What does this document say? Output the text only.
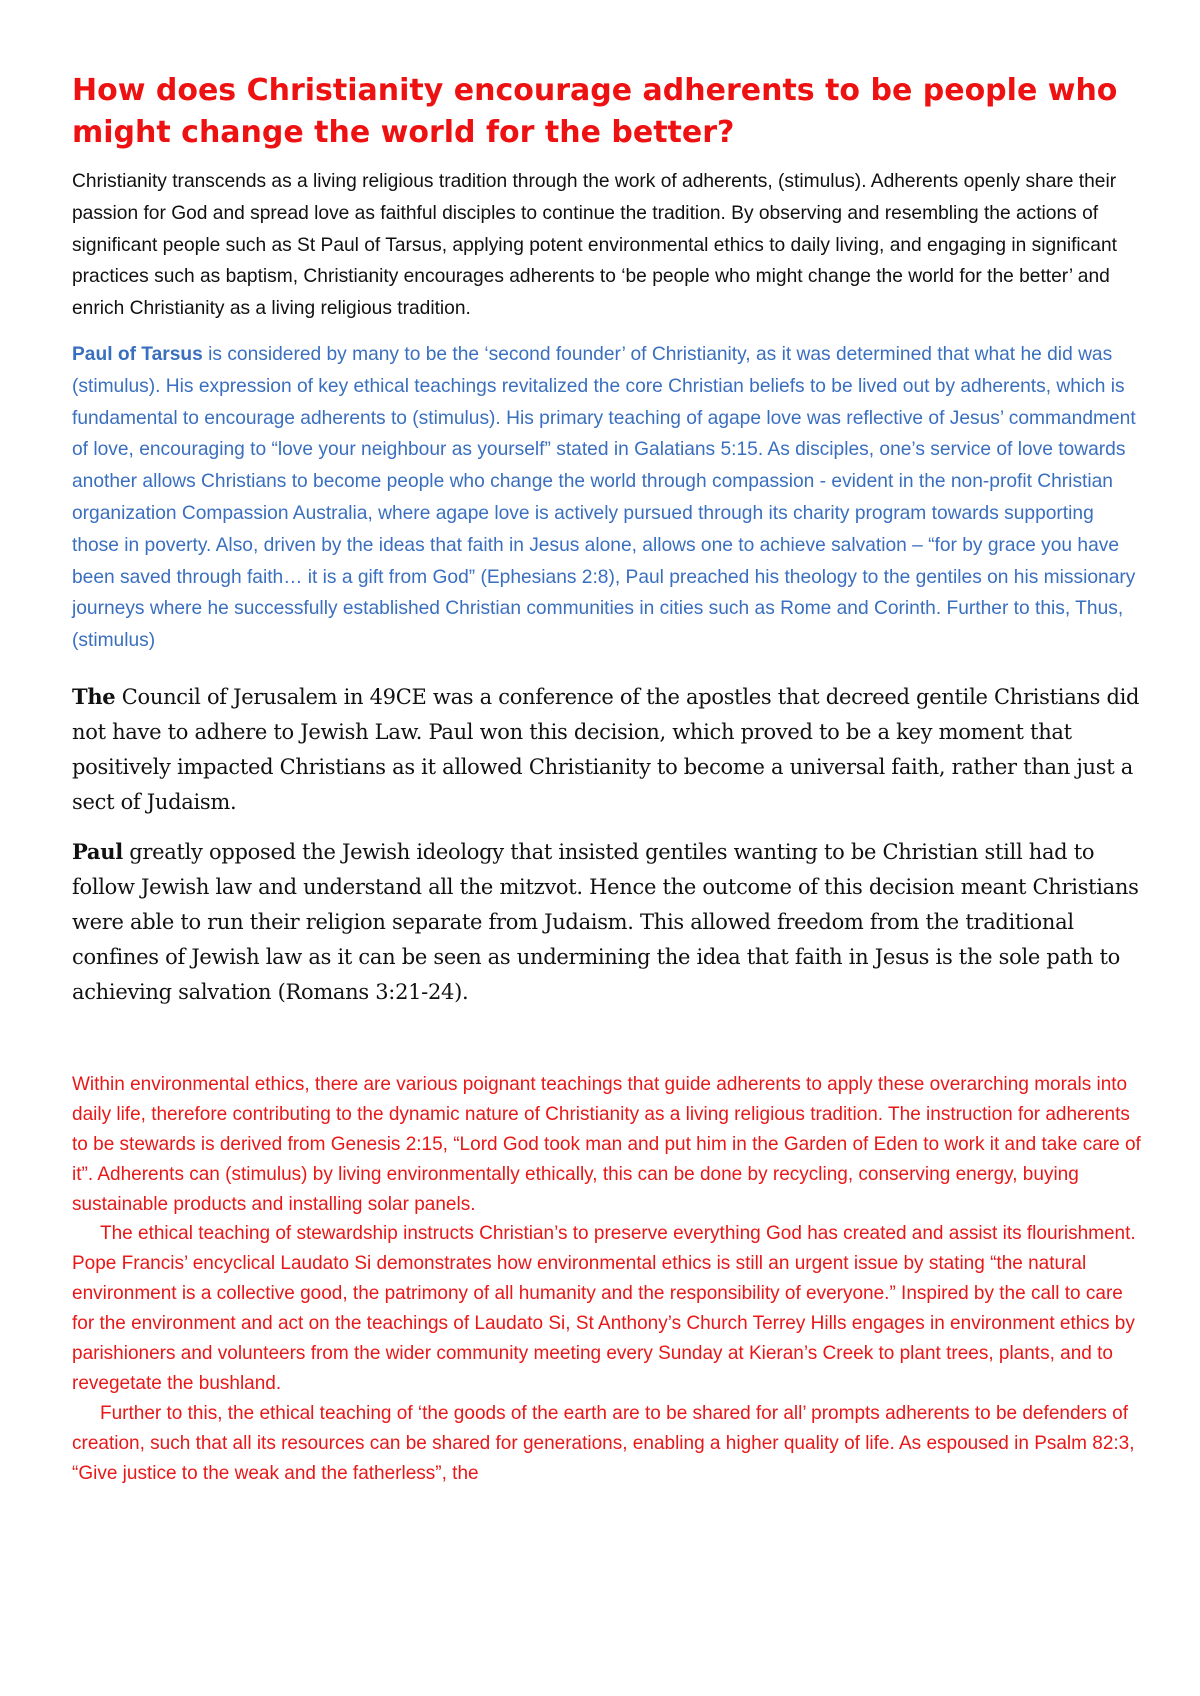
How does Christianity encourage adherents to be people who might change the world for the better?

Christianity transcends as a living religious tradition through the work of adherents, (stimulus). Adherents openly share their passion for God and spread love as faithful disciples to continue the tradition. By observing and resembling the actions of significant people such as St Paul of Tarsus, applying potent environmental ethics to daily living, and engaging in significant practices such as baptism, Christianity encourages adherents to ‘be people who might change the world for the better’ and enrich Christianity as a living religious tradition.

Paul of Tarsus is considered by many to be the ‘second founder’ of Christianity, as it was determined that what he did was (stimulus). His expression of key ethical teachings revitalized the core Christian beliefs to be lived out by adherents, which is fundamental to encourage adherents to (stimulus). His primary teaching of agape love was reflective of Jesus’ commandment of love, encouraging to “love your neighbour as yourself” stated in Galatians 5:15. As disciples, one’s service of love towards another allows Christians to become people who change the world through compassion - evident in the non-profit Christian organization Compassion Australia, where agape love is actively pursued through its charity program towards supporting those in poverty. Also, driven by the ideas that faith in Jesus alone, allows one to achieve salvation – “for by grace you have been saved through faith… it is a gift from God” (Ephesians 2:8), Paul preached his theology to the gentiles on his missionary journeys where he successfully established Christian communities in cities such as Rome and Corinth. Further to this, Thus, (stimulus)

The Council of Jerusalem in 49CE was a conference of the apostles that decreed gentile Christians did not have to adhere to Jewish Law. Paul won this decision, which proved to be a key moment that positively impacted Christians as it allowed Christianity to become a universal faith, rather than just a sect of Judaism.

Paul greatly opposed the Jewish ideology that insisted gentiles wanting to be Christian still had to follow Jewish law and understand all the mitzvot. Hence the outcome of this decision meant Christians were able to run their religion separate from Judaism. This allowed freedom from the traditional confines of Jewish law as it can be seen as undermining the idea that faith in Jesus is the sole path to achieving salvation (Romans 3:21-24).

Within environmental ethics, there are various poignant teachings that guide adherents to apply these overarching morals into daily life, therefore contributing to the dynamic nature of Christianity as a living religious tradition. The instruction for adherents to be stewards is derived from Genesis 2:15, “Lord God took man and put him in the Garden of Eden to work it and take care of it”. Adherents can (stimulus) by living environmentally ethically, this can be done by recycling, conserving energy, buying sustainable products and installing solar panels.

The ethical teaching of stewardship instructs Christian’s to preserve everything God has created and assist its flourishment. Pope Francis’ encyclical Laudato Si demonstrates how environmental ethics is still an urgent issue by stating “the natural environment is a collective good, the patrimony of all humanity and the responsibility of everyone.” Inspired by the call to care for the environment and act on the teachings of Laudato Si, St Anthony’s Church Terrey Hills engages in environment ethics by parishioners and volunteers from the wider community meeting every Sunday at Kieran’s Creek to plant trees, plants, and to revegetate the bushland.

Further to this, the ethical teaching of ‘the goods of the earth are to be shared for all’ prompts adherents to be defenders of creation, such that all its resources can be shared for generations, enabling a higher quality of life. As espoused in Psalm 82:3, “Give justice to the weak and the fatherless”, the
